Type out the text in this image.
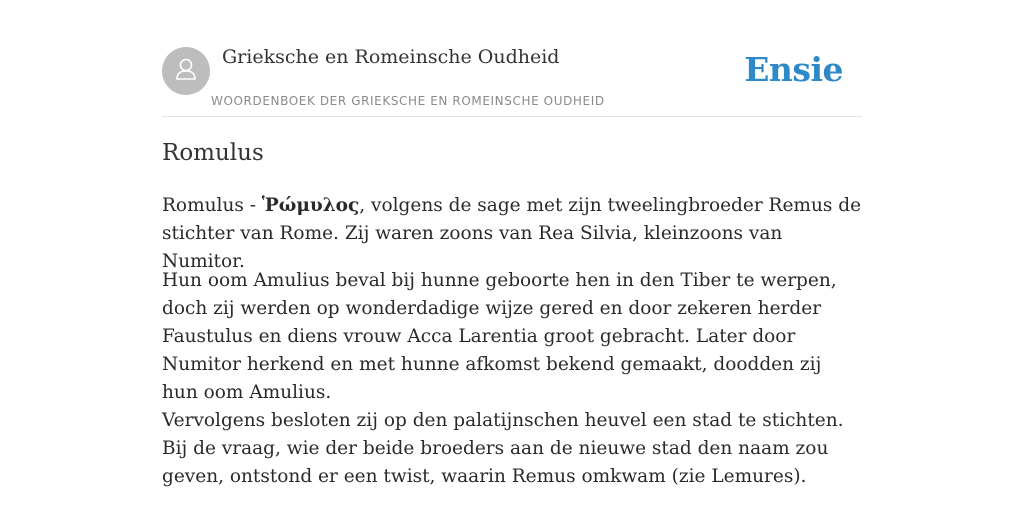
Grieksche en Romeinsche Oudheid
WOORDENBOEK DER GRIEKSCHE EN ROMEINSCHE OUDHEID
Ensie
Romulus

Romulus - Ῥώμυλος, volgens de sage met zijn tweelingbroeder Remus de stichter van Rome. Zij waren zoons van Rea Silvia, kleinzoons van Numitor.

Hun oom Amulius beval bij hunne geboorte hen in den Tiber te werpen, doch zij werden op wonderdadige wijze gered en door zekeren herder Faustulus en diens vrouw Acca Larentia groot gebracht. Later door Numitor herkend en met hunne afkomst bekend gemaakt, doodden zij hun oom Amulius.

Vervolgens besloten zij op den palatijnschen heuvel een stad te stichten. Bij de vraag, wie der beide broeders aan de nieuwe stad den naam zou geven, ontstond er een twist, waarin Remus omkwam (zie Lemures).
